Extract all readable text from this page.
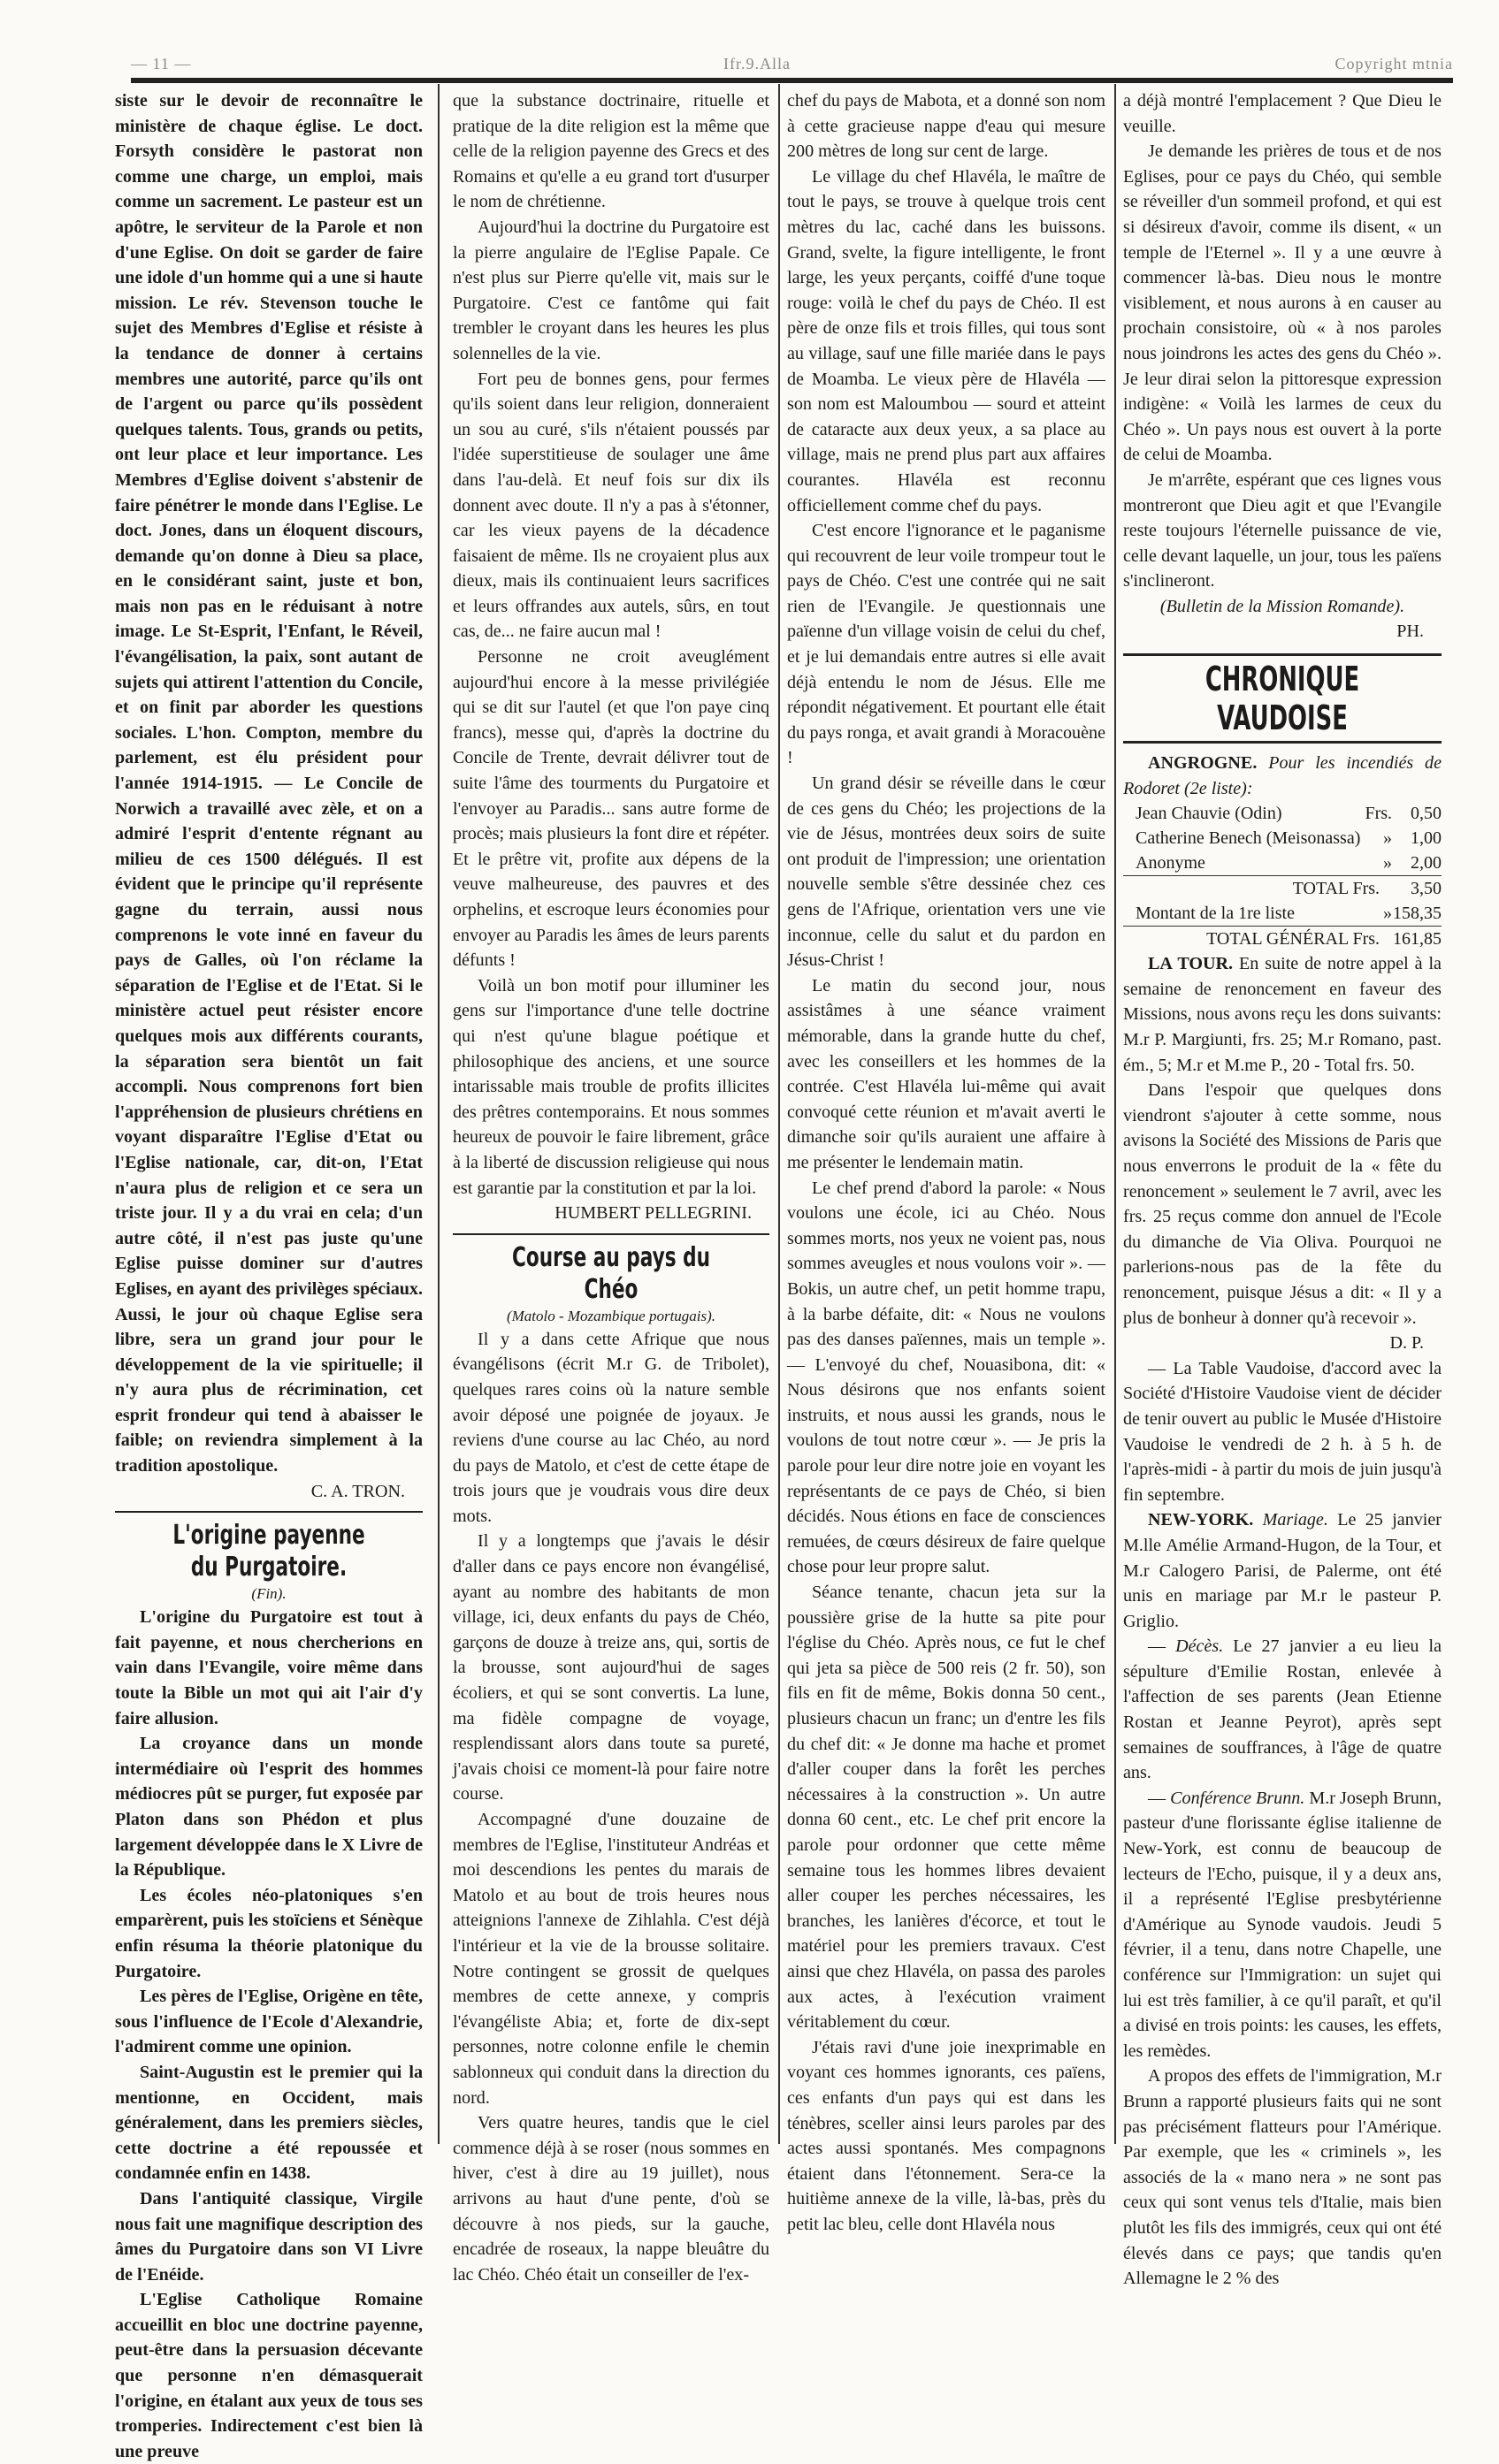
— 11 —	Ifr.9.Alla	Copyright mtnia

siste sur le devoir de reconnaître le ministère de chaque église. Le doct. Forsyth considère le pastorat non comme une charge, un emploi, mais comme un sacrement. Le pasteur est un apôtre, le serviteur de la Parole et non d'une Eglise. On doit se garder de faire une idole d'un homme qui a une si haute mission. Le rév. Stevenson touche le sujet des Membres d'Eglise et résiste à la tendance de donner à certains membres une autorité, parce qu'ils ont de l'argent ou parce qu'ils possèdent quelques talents. Tous, grands ou petits, ont leur place et leur importance. Les Membres d'Eglise doivent s'abstenir de faire pénétrer le monde dans l'Eglise. Le doct. Jones, dans un éloquent discours, demande qu'on donne à Dieu sa place, en le considérant saint, juste et bon, mais non pas en le réduisant à notre image. Le St-Esprit, l'Enfant, le Réveil, l'évangélisation, la paix, sont autant de sujets qui attirent l'attention du Concile, et on finit par aborder les questions sociales. L'hon. Compton, membre du parlement, est élu président pour l'année 1914-1915. — Le Concile de Norwich a travaillé avec zèle, et on a admiré l'esprit d'entente régnant au milieu de ces 1500 délégués. Il est évident que le principe qu'il représente gagne du terrain, aussi nous comprenons le vote inné en faveur du pays de Galles, où l'on réclame la séparation de l'Eglise et de l'Etat. Si le ministère actuel peut résister encore quelques mois aux différents courants, la séparation sera bientôt un fait accompli. Nous comprenons fort bien l'appréhension de plusieurs chrétiens en voyant disparaître l'Eglise d'Etat ou l'Eglise nationale, car, dit-on, l'Etat n'aura plus de religion et ce sera un triste jour. Il y a du vrai en cela; d'un autre côté, il n'est pas juste qu'une Eglise puisse dominer sur d'autres Eglises, en ayant des privilèges spéciaux. Aussi, le jour où chaque Eglise sera libre, sera un grand jour pour le développement de la vie spirituelle; il n'y aura plus de récrimination, cet esprit frondeur qui tend à abaisser le faible; on reviendra simplement à la tradition apostolique.

C. A. TRON.

L'origine payenne du Purgatoire.
(Fin).

L'origine du Purgatoire est tout à fait payenne, et nous chercherions en vain dans l'Evangile, voire même dans toute la Bible un mot qui ait l'air d'y faire allusion.

La croyance dans un monde intermédiaire où l'esprit des hommes médiocres pût se purger, fut exposée par Platon dans son Phédon et plus largement développée dans le X Livre de la République.

Les écoles néo-platoniques s'en emparèrent, puis les stoïciens et Sénèque enfin résuma la théorie platonique du Purgatoire.

Les pères de l'Eglise, Origène en tête, sous l'influence de l'Ecole d'Alexandrie, l'admirent comme une opinion.

Saint-Augustin est le premier qui la mentionne, en Occident, mais généralement, dans les premiers siècles, cette doctrine a été repoussée et condamnée enfin en 1438.

Dans l'antiquité classique, Virgile nous fait une magnifique description des âmes du Purgatoire dans son VI Livre de l'Enéide.

L'Eglise Catholique Romaine accueillit en bloc une doctrine payenne, peut-être dans la persuasion décevante que personne n'en démasquerait l'origine, en étalant aux yeux de tous ses tromperies. Indirectement c'est bien là une preuve

que la substance doctrinaire, rituelle et pratique de la dite religion est la même que celle de la religion payenne des Grecs et des Romains et qu'elle a eu grand tort d'usurper le nom de chrétienne.

Aujourd'hui la doctrine du Purgatoire est la pierre angulaire de l'Eglise Papale. Ce n'est plus sur Pierre qu'elle vit, mais sur le Purgatoire. C'est ce fantôme qui fait trembler le croyant dans les heures les plus solennelles de la vie.

Fort peu de bonnes gens, pour fermes qu'ils soient dans leur religion, donneraient un sou au curé, s'ils n'étaient poussés par l'idée superstitieuse de soulager une âme dans l'au-delà. Et neuf fois sur dix ils donnent avec doute. Il n'y a pas à s'étonner, car les vieux payens de la décadence faisaient de même. Ils ne croyaient plus aux dieux, mais ils continuaient leurs sacrifices et leurs offrandes aux autels, sûrs, en tout cas, de... ne faire aucun mal !

Personne ne croit aveuglément aujourd'hui encore à la messe privilégiée qui se dit sur l'autel (et que l'on paye cinq francs), messe qui, d'après la doctrine du Concile de Trente, devrait délivrer tout de suite l'âme des tourments du Purgatoire et l'envoyer au Paradis... sans autre forme de procès; mais plusieurs la font dire et répéter. Et le prêtre vit, profite aux dépens de la veuve malheureuse, des pauvres et des orphelins, et escroque leurs économies pour envoyer au Paradis les âmes de leurs parents défunts !

Voilà un bon motif pour illuminer les gens sur l'importance d'une telle doctrine qui n'est qu'une blague poétique et philosophique des anciens, et une source intarissable mais trouble de profits illicites des prêtres contemporains. Et nous sommes heureux de pouvoir le faire librement, grâce à la liberté de discussion religieuse qui nous est garantie par la constitution et par la loi.

HUMBERT PELLEGRINI.

Course au pays du Chéo
(Matolo - Mozambique portugais).

Il y a dans cette Afrique que nous évangélisons (écrit M.r G. de Tribolet), quelques rares coins où la nature semble avoir déposé une poignée de joyaux. Je reviens d'une course au lac Chéo, au nord du pays de Matolo, et c'est de cette étape de trois jours que je voudrais vous dire deux mots.

Il y a longtemps que j'avais le désir d'aller dans ce pays encore non évangélisé, ayant au nombre des habitants de mon village, ici, deux enfants du pays de Chéo, garçons de douze à treize ans, qui, sortis de la brousse, sont aujourd'hui de sages écoliers, et qui se sont convertis. La lune, ma fidèle compagne de voyage, resplendissant alors dans toute sa pureté, j'avais choisi ce moment-là pour faire notre course.

Accompagné d'une douzaine de membres de l'Eglise, l'instituteur Andréas et moi descendions les pentes du marais de Matolo et au bout de trois heures nous atteignions l'annexe de Zihlahla. C'est déjà l'intérieur et la vie de la brousse solitaire. Notre contingent se grossit de quelques membres de cette annexe, y compris l'évangéliste Abia; et, forte de dix-sept personnes, notre colonne enfile le chemin sablonneux qui conduit dans la direction du nord.

Vers quatre heures, tandis que le ciel commence déjà à se roser (nous sommes en hiver, c'est à dire au 19 juillet), nous arrivons au haut d'une pente, d'où se découvre à nos pieds, sur la gauche, encadrée de roseaux, la nappe bleuâtre du lac Chéo. Chéo était un conseiller de l'ex-

chef du pays de Mabota, et a donné son nom à cette gracieuse nappe d'eau qui mesure 200 mètres de long sur cent de large.

Le village du chef Hlavéla, le maître de tout le pays, se trouve à quelque trois cent mètres du lac, caché dans les buissons. Grand, svelte, la figure intelligente, le front large, les yeux perçants, coiffé d'une toque rouge: voilà le chef du pays de Chéo. Il est père de onze fils et trois filles, qui tous sont au village, sauf une fille mariée dans le pays de Moamba. Le vieux père de Hlavéla — son nom est Maloumbou — sourd et atteint de cataracte aux deux yeux, a sa place au village, mais ne prend plus part aux affaires courantes. Hlavéla est reconnu officiellement comme chef du pays.

C'est encore l'ignorance et le paganisme qui recouvrent de leur voile trompeur tout le pays de Chéo. C'est une contrée qui ne sait rien de l'Evangile. Je questionnais une païenne d'un village voisin de celui du chef, et je lui demandais entre autres si elle avait déjà entendu le nom de Jésus. Elle me répondit négativement. Et pourtant elle était du pays ronga, et avait grandi à Moracouène !

Un grand désir se réveille dans le cœur de ces gens du Chéo; les projections de la vie de Jésus, montrées deux soirs de suite ont produit de l'impression; une orientation nouvelle semble s'être dessinée chez ces gens de l'Afrique, orientation vers une vie inconnue, celle du salut et du pardon en Jésus-Christ !

Le matin du second jour, nous assistâmes à une séance vraiment mémorable, dans la grande hutte du chef, avec les conseillers et les hommes de la contrée. C'est Hlavéla lui-même qui avait convoqué cette réunion et m'avait averti le dimanche soir qu'ils auraient une affaire à me présenter le lendemain matin.

Le chef prend d'abord la parole: « Nous voulons une école, ici au Chéo. Nous sommes morts, nos yeux ne voient pas, nous sommes aveugles et nous voulons voir ». — Bokis, un autre chef, un petit homme trapu, à la barbe défaite, dit: « Nous ne voulons pas des danses païennes, mais un temple ». — L'envoyé du chef, Nouasibona, dit: « Nous désirons que nos enfants soient instruits, et nous aussi les grands, nous le voulons de tout notre cœur ». — Je pris la parole pour leur dire notre joie en voyant les représentants de ce pays de Chéo, si bien décidés. Nous étions en face de consciences remuées, de cœurs désireux de faire quelque chose pour leur propre salut.

Séance tenante, chacun jeta sur la poussière grise de la hutte sa pite pour l'église du Chéo. Après nous, ce fut le chef qui jeta sa pièce de 500 reis (2 fr. 50), son fils en fit de même, Bokis donna 50 cent., plusieurs chacun un franc; un d'entre les fils du chef dit: « Je donne ma hache et promet d'aller couper dans la forêt les perches nécessaires à la construction ». Un autre donna 60 cent., etc. Le chef prit encore la parole pour ordonner que cette même semaine tous les hommes libres devaient aller couper les perches nécessaires, les branches, les lanières d'écorce, et tout le matériel pour les premiers travaux. C'est ainsi que chez Hlavéla, on passa des paroles aux actes, à l'exécution vraiment véritablement du cœur.

J'étais ravi d'une joie inexprimable en voyant ces hommes ignorants, ces païens, ces enfants d'un pays qui est dans les ténèbres, sceller ainsi leurs paroles par des actes aussi spontanés. Mes compagnons étaient dans l'étonnement. Sera-ce la huitième annexe de la ville, là-bas, près du petit lac bleu, celle dont Hlavéla nous

a déjà montré l'emplacement ? Que Dieu le veuille.

Je demande les prières de tous et de nos Eglises, pour ce pays du Chéo, qui semble se réveiller d'un sommeil profond, et qui est si désireux d'avoir, comme ils disent, « un temple de l'Eternel ». Il y a une œuvre à commencer là-bas. Dieu nous le montre visiblement, et nous aurons à en causer au prochain consistoire, où « à nos paroles nous joindrons les actes des gens du Chéo ». Je leur dirai selon la pittoresque expression indigène: « Voilà les larmes de ceux du Chéo ». Un pays nous est ouvert à la porte de celui de Moamba.

Je m'arrête, espérant que ces lignes vous montreront que Dieu agit et que l'Evangile reste toujours l'éternelle puissance de vie, celle devant laquelle, un jour, tous les païens s'inclineront.

(Bulletin de la Mission Romande).

PH.

CHRONIQUE VAUDOISE

ANGROGNE. Pour les incendiés de Rodoret (2e liste):

Jean Chauvie (Odin)	Frs.	0,50
Catherine Benech (Meisonassa)	»	1,00
Anonyme	»	2,00
TOTAL Frs.		3,50
Montant de la 1re liste	»	158,35
TOTAL GÉNÉRAL Frs.		161,85

LA TOUR. En suite de notre appel à la semaine de renoncement en faveur des Missions, nous avons reçu les dons suivants: M.r P. Margiunti, frs. 25; M.r Romano, past. ém., 5; M.r et M.me P., 20 - Total frs. 50.

Dans l'espoir que quelques dons viendront s'ajouter à cette somme, nous avisons la Société des Missions de Paris que nous enverrons le produit de la « fête du renoncement » seulement le 7 avril, avec les frs. 25 reçus comme don annuel de l'Ecole du dimanche de Via Oliva. Pourquoi ne parlerions-nous pas de la fête du renoncement, puisque Jésus a dit: « Il y a plus de bonheur à donner qu'à recevoir ».

D. P.

— La Table Vaudoise, d'accord avec la Société d'Histoire Vaudoise vient de décider de tenir ouvert au public le Musée d'Histoire Vaudoise le vendredi de 2 h. à 5 h. de l'après-midi - à partir du mois de juin jusqu'à fin septembre.

NEW-YORK. Mariage. Le 25 janvier M.lle Amélie Armand-Hugon, de la Tour, et M.r Calogero Parisi, de Palerme, ont été unis en mariage par M.r le pasteur P. Griglio.

— Décès. Le 27 janvier a eu lieu la sépulture d'Emilie Rostan, enlevée à l'affection de ses parents (Jean Etienne Rostan et Jeanne Peyrot), après sept semaines de souffrances, à l'âge de quatre ans.

— Conférence Brunn. M.r Joseph Brunn, pasteur d'une florissante église italienne de New-York, est connu de beaucoup de lecteurs de l'Echo, puisque, il y a deux ans, il a représenté l'Eglise presbytérienne d'Amérique au Synode vaudois. Jeudi 5 février, il a tenu, dans notre Chapelle, une conférence sur l'Immigration: un sujet qui lui est très familier, à ce qu'il paraît, et qu'il a divisé en trois points: les causes, les effets, les remèdes.

A propos des effets de l'immigration, M.r Brunn a rapporté plusieurs faits qui ne sont pas précisément flatteurs pour l'Amérique. Par exemple, que les « criminels », les associés de la « mano nera » ne sont pas ceux qui sont venus tels d'Italie, mais bien plutôt les fils des immigrés, ceux qui ont été élevés dans ce pays; que tandis qu'en Allemagne le 2 % des
